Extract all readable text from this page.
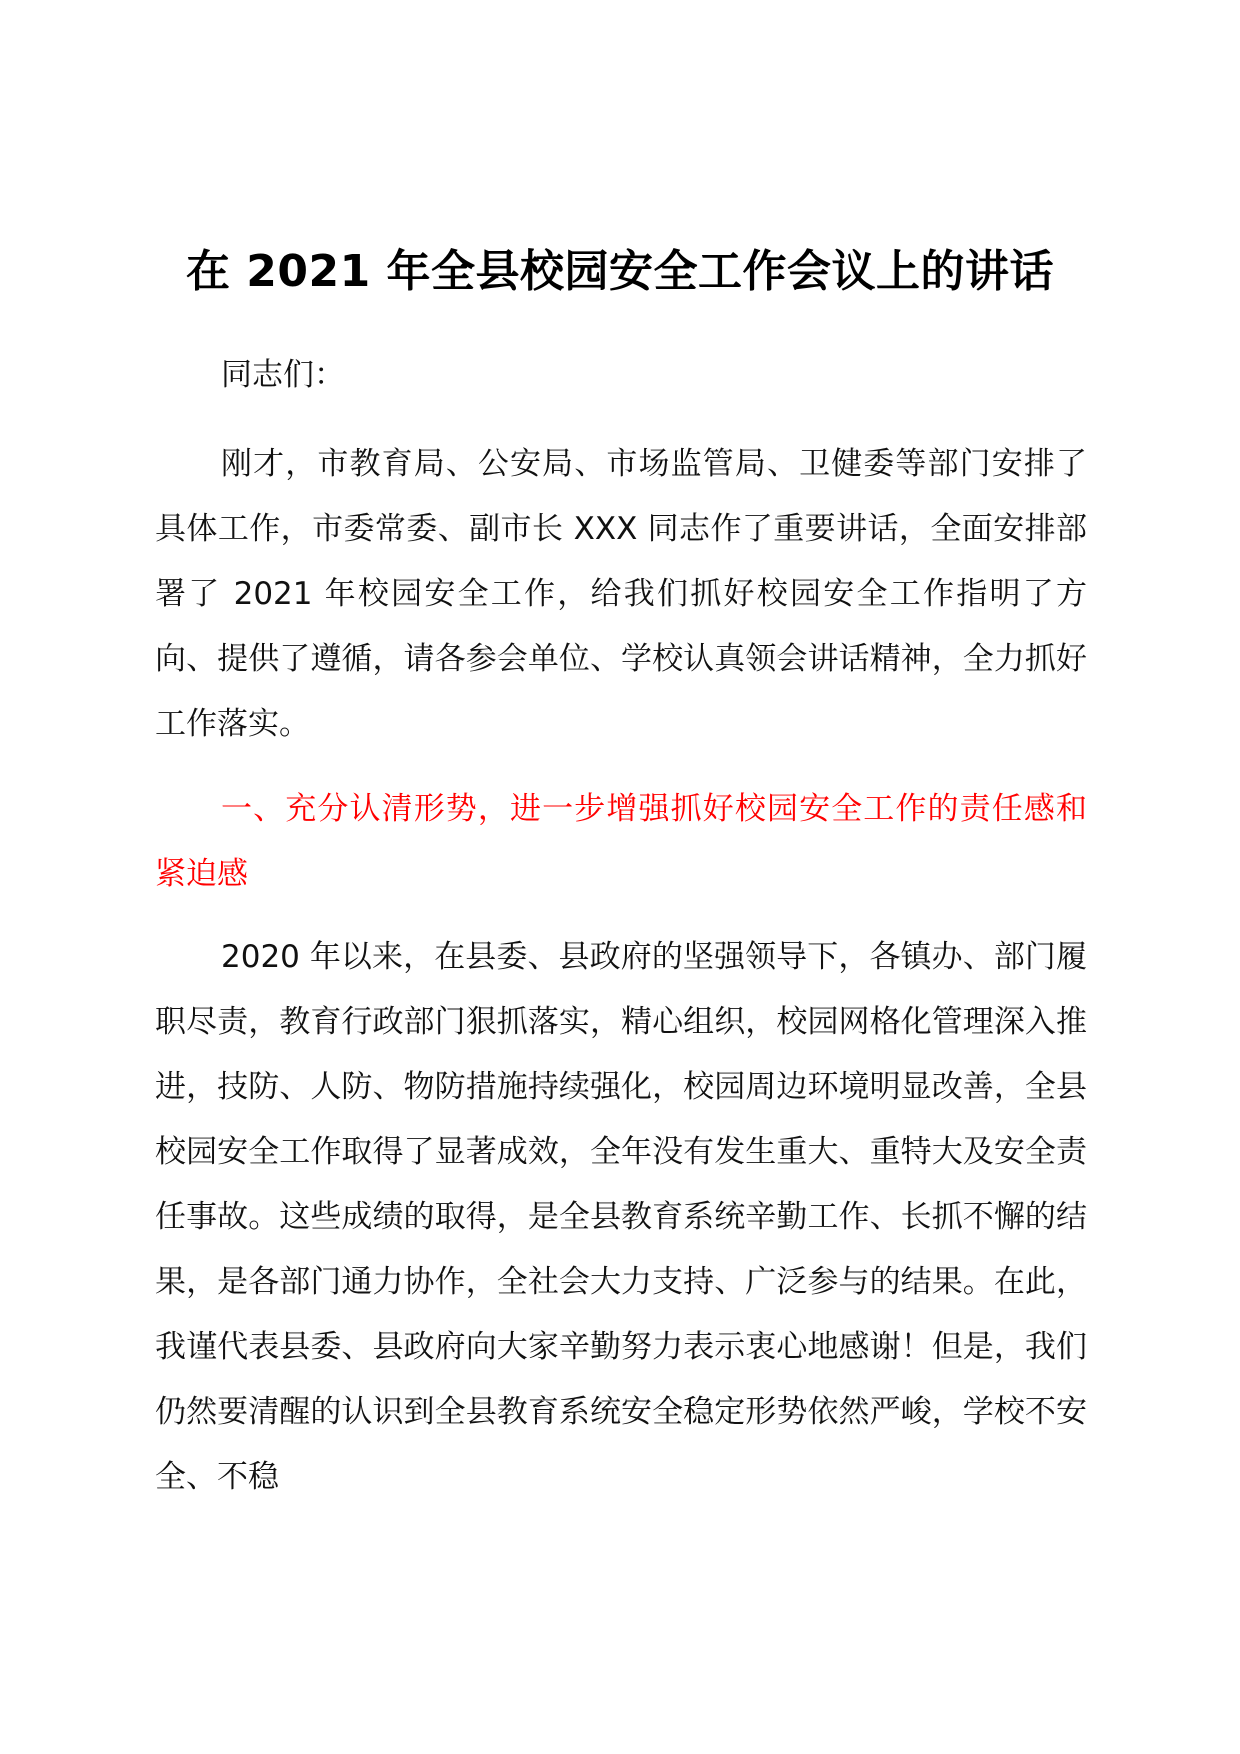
在 2021 年全县校园安全工作会议上的讲话

同志们：

刚才，市教育局、公安局、市场监管局、卫健委等部门安排了具体工作，市委常委、副市长 XXX 同志作了重要讲话，全面安排部署了 2021 年校园安全工作，给我们抓好校园安全工作指明了方向、提供了遵循，请各参会单位、学校认真领会讲话精神，全力抓好工作落实。

一、充分认清形势，进一步增强抓好校园安全工作的责任感和紧迫感

2020 年以来，在县委、县政府的坚强领导下，各镇办、部门履职尽责，教育行政部门狠抓落实，精心组织，校园网格化管理深入推进，技防、人防、物防措施持续强化，校园周边环境明显改善，全县校园安全工作取得了显著成效，全年没有发生重大、重特大及安全责任事故。这些成绩的取得，是全县教育系统辛勤工作、长抓不懈的结果，是各部门通力协作，全社会大力支持、广泛参与的结果。在此，我谨代表县委、县政府向大家辛勤努力表示衷心地感谢！但是，我们仍然要清醒的认识到全县教育系统安全稳定形势依然严峻，学校不安全、不稳
